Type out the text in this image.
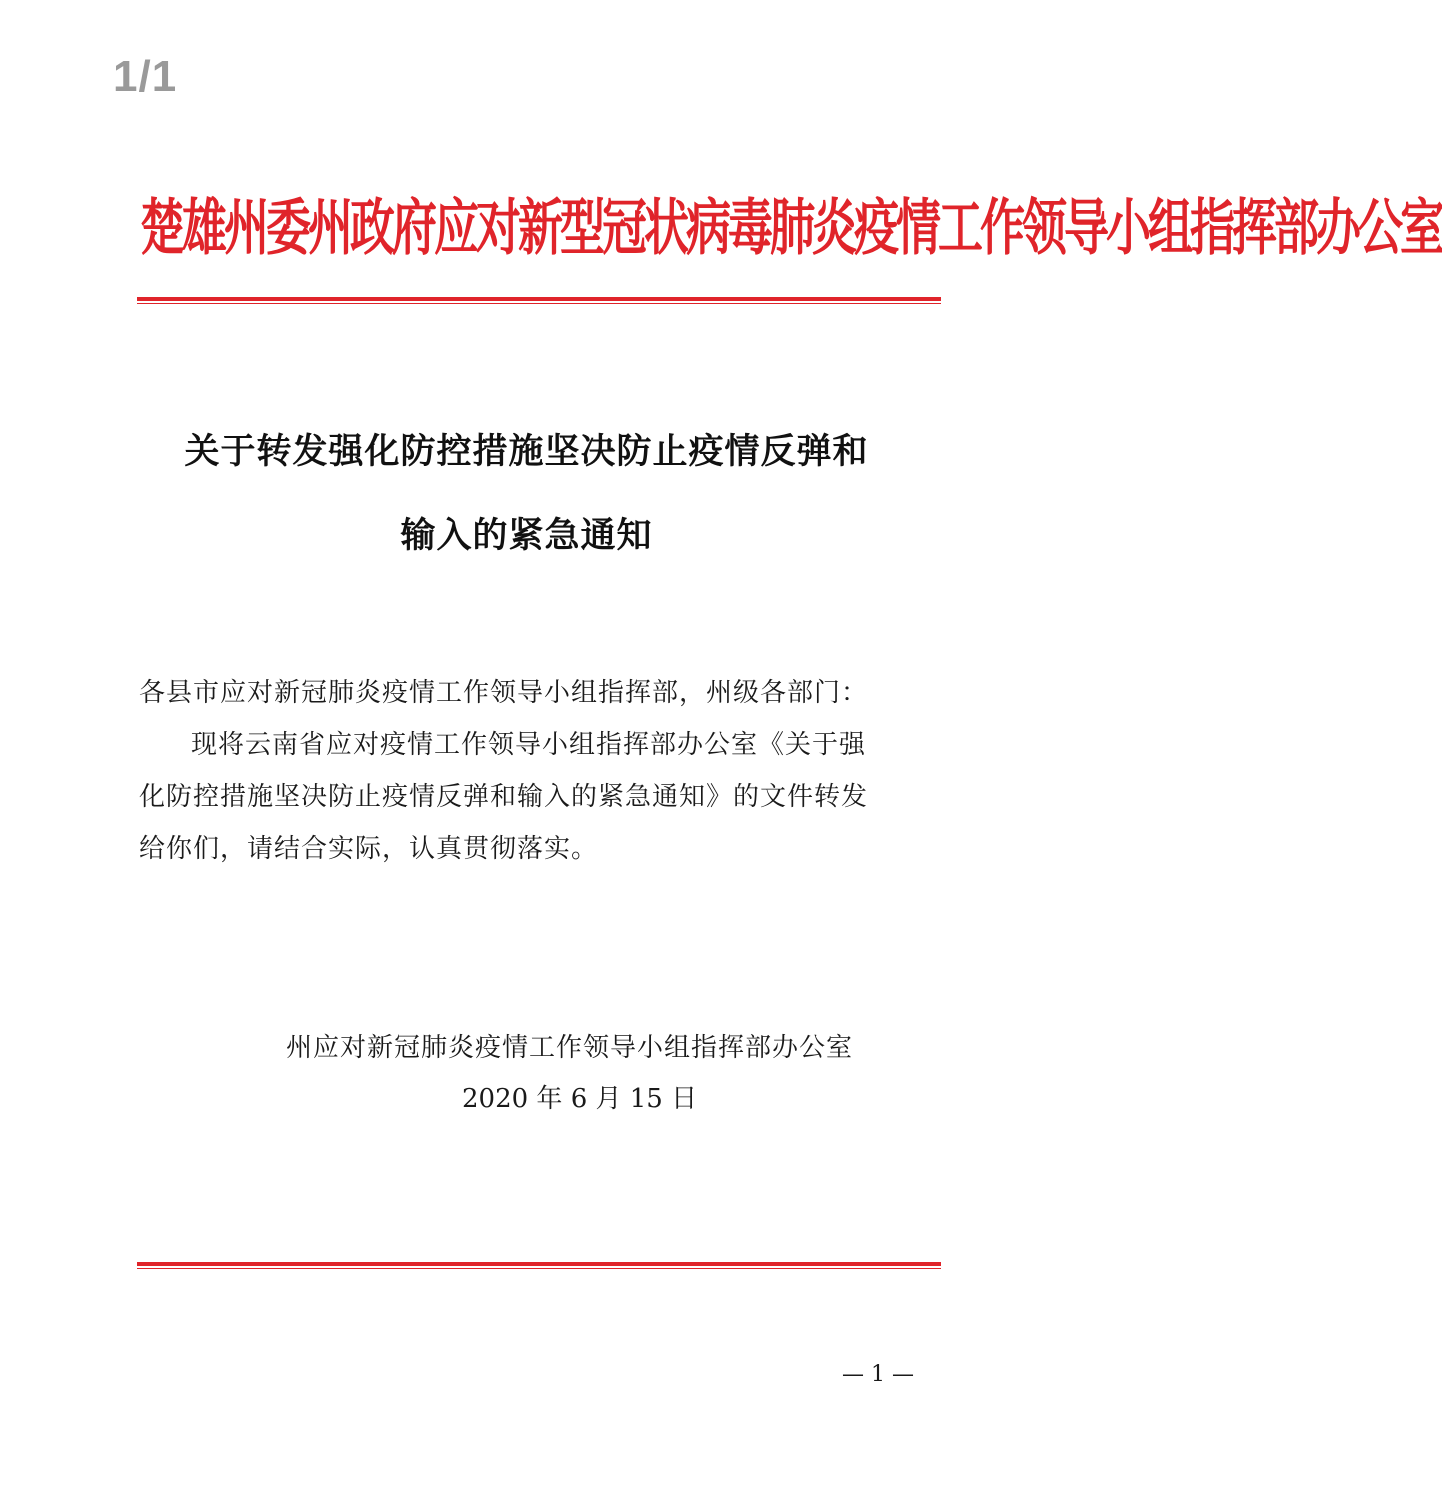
1/1
楚雄州委州政府应对新型冠状病毒肺炎疫情工作领导小组指挥部办公室
关于转发强化防控措施坚决防止疫情反弹和
输入的紧急通知
各县市应对新冠肺炎疫情工作领导小组指挥部，州级各部门：
现将云南省应对疫情工作领导小组指挥部办公室《关于强
化防控措施坚决防止疫情反弹和输入的紧急通知》的文件转发
给你们，请结合实际，认真贯彻落实。
州应对新冠肺炎疫情工作领导小组指挥部办公室
2020 年 6 月 15 日
— 1 —
